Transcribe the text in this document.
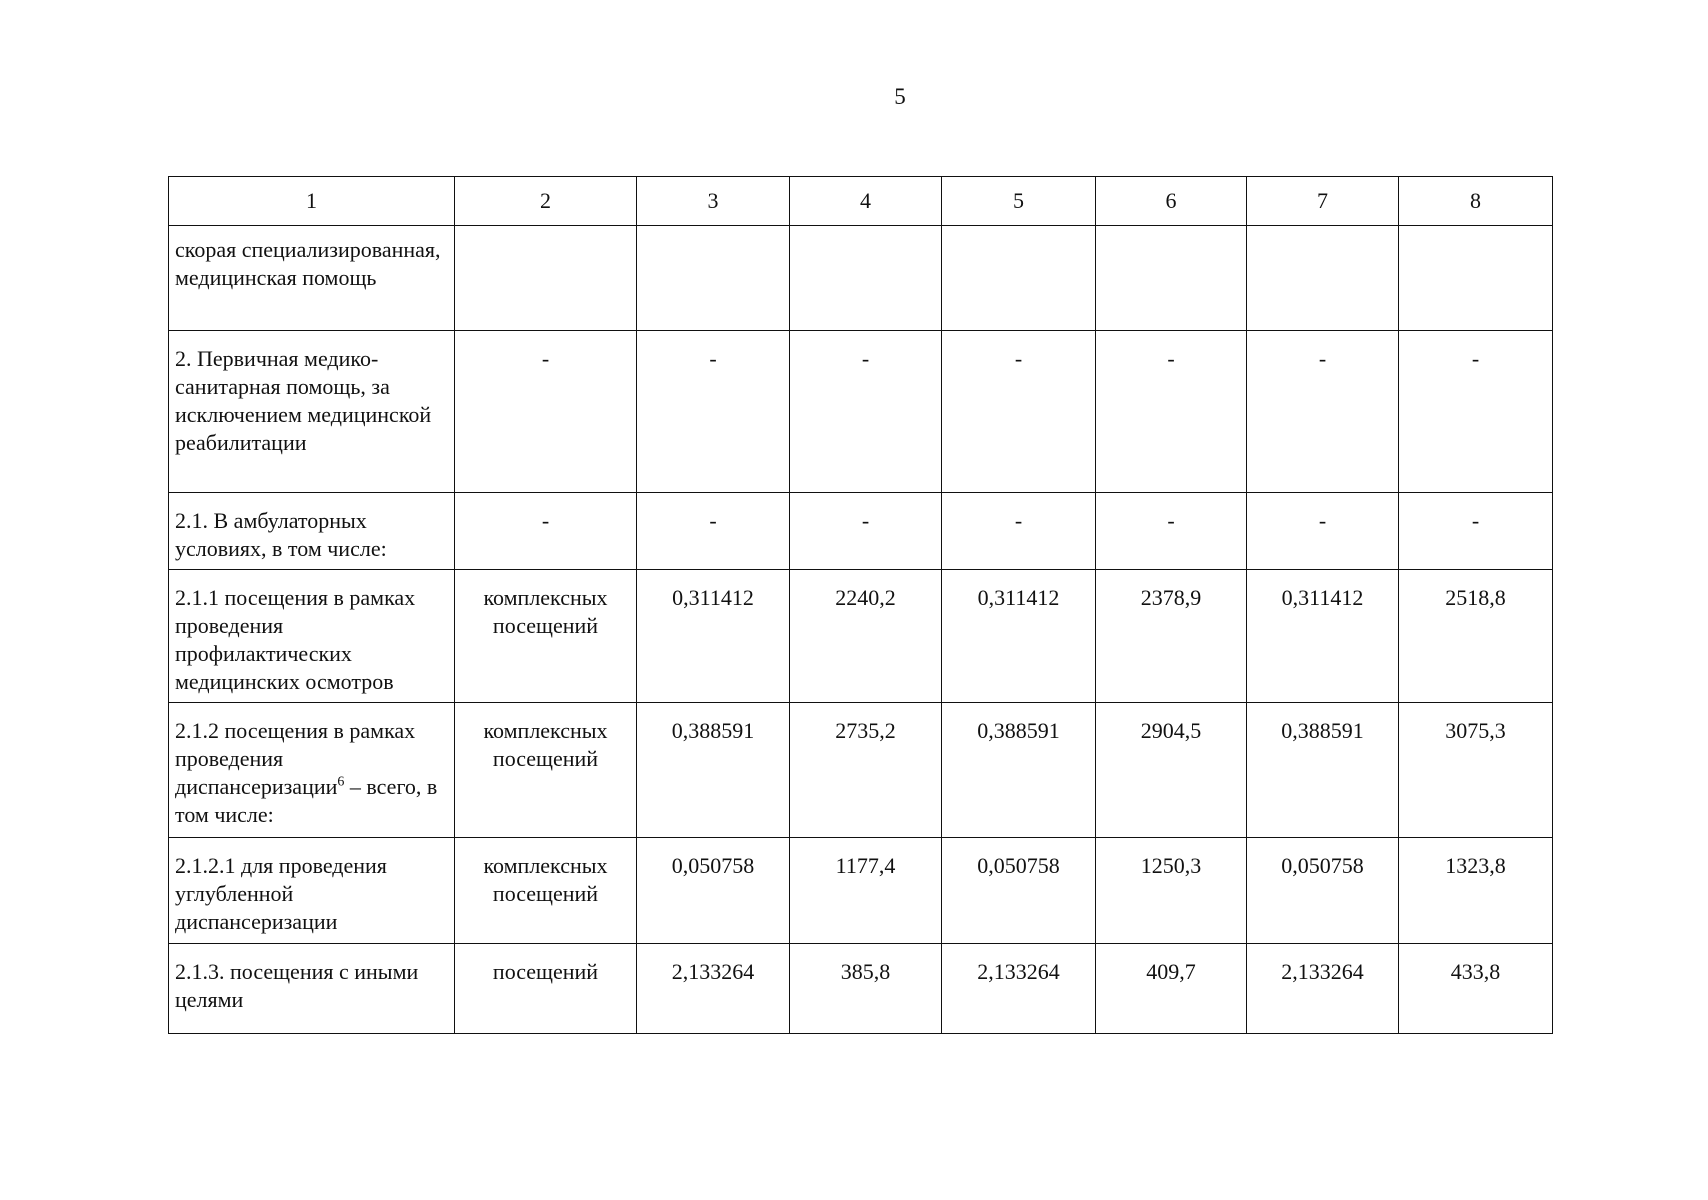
5
1	2	3	4	5	6	7	8
скорая специализированная, медицинская помощь							
2. Первичная медико-санитарная помощь, за исключением медицинской реабилитации	-	-	-	-	-	-	-
2.1. В амбулаторных условиях, в том числе:	-	-	-	-	-	-	-
2.1.1 посещения в рамках проведения профилактических медицинских осмотров	комплексных посещений	0,311412	2240,2	0,311412	2378,9	0,311412	2518,8
2.1.2 посещения в рамках проведения диспансеризации$^6$ – всего, в том числе:	комплексных посещений	0,388591	2735,2	0,388591	2904,5	0,388591	3075,3
2.1.2.1 для проведения углубленной диспансеризации	комплексных посещений	0,050758	1177,4	0,050758	1250,3	0,050758	1323,8
2.1.3. посещения с иными целями	посещений	2,133264	385,8	2,133264	409,7	2,133264	433,8
